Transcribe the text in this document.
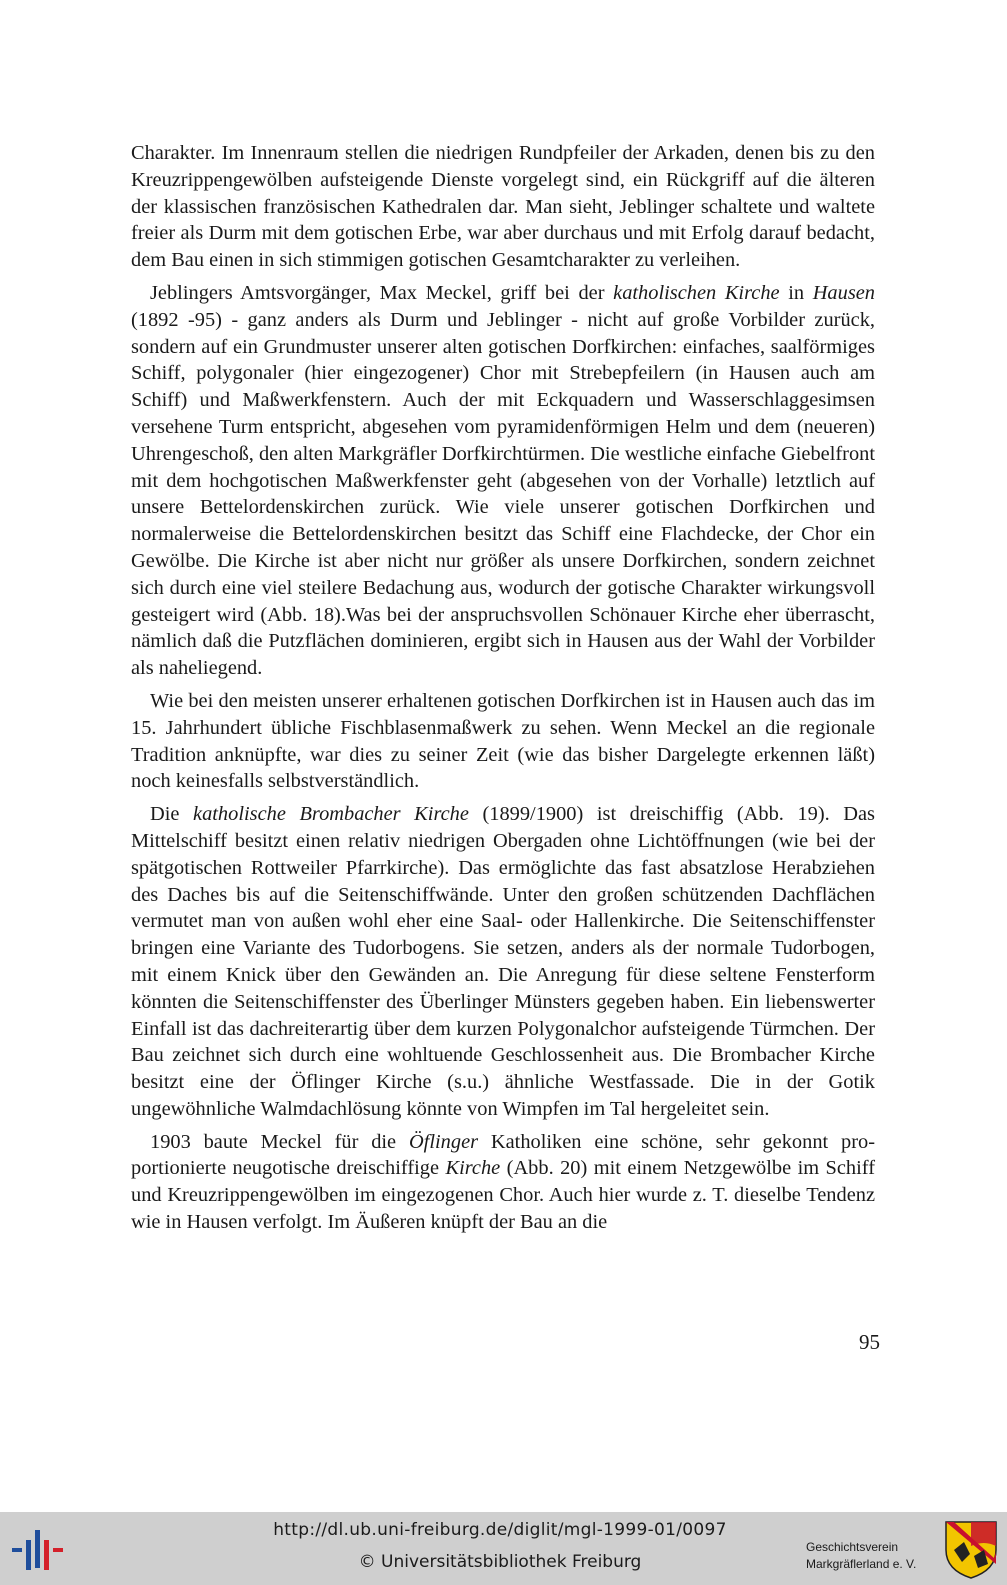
Charakter. Im Innenraum stellen die niedrigen Rundpfeiler der Arkaden, denen bis zu den Kreuzrippengewölben aufsteigende Dienste vorgelegt sind, ein Rückgriff auf die älteren der klassischen französischen Kathedralen dar. Man sieht, Jeblinger schaltete und waltete freier als Durm mit dem gotischen Erbe, war aber durchaus und mit Erfolg darauf bedacht, dem Bau einen in sich stimmigen gotischen Gesamtcharakter zu verleihen.

Jeblingers Amtsvorgänger, Max Meckel, griff bei der katholischen Kirche in Hausen (1892 -95) - ganz anders als Durm und Jeblinger - nicht auf große Vorbilder zurück, sondern auf ein Grundmuster unserer alten gotischen Dorfkirchen: einfaches, saalförmiges Schiff, polygonaler (hier eingezogener) Chor mit Strebepfeilern (in Hausen auch am Schiff) und Maßwerkfenstern. Auch der mit Eckquadern und Wasserschlaggesimsen versehene Turm entspricht, abgesehen vom pyramidenförmigen Helm und dem (neueren) Uhrengeschoß, den alten Markgräfler Dorfkirchtürmen. Die westliche einfache Giebelfront mit dem hochgotischen Maßwerkfenster geht (abgesehen von der Vorhalle) letztlich auf unsere Bettelordenskirchen zurück. Wie viele unserer gotischen Dorfkirchen und normalerweise die Bettelordenskirchen besitzt das Schiff eine Flachdecke, der Chor ein Gewölbe. Die Kirche ist aber nicht nur größer als unsere Dorfkirchen, sondern zeichnet sich durch eine viel steilere Bedachung aus, wodurch der gotische Charakter wirkungsvoll gesteigert wird (Abb. 18).Was bei der anspruchsvollen Schönauer Kirche eher überrascht, nämlich daß die Putzflächen dominieren, ergibt sich in Hausen aus der Wahl der Vorbilder als naheliegend.

Wie bei den meisten unserer erhaltenen gotischen Dorfkirchen ist in Hausen auch das im 15. Jahrhundert übliche Fischblasenmaßwerk zu sehen. Wenn Meckel an die regionale Tradition anknüpfte, war dies zu seiner Zeit (wie das bisher Dargelegte erkennen läßt) noch keinesfalls selbstverständlich.

Die katholische Brombacher Kirche (1899/1900) ist dreischiffig (Abb. 19). Das Mittelschiff besitzt einen relativ niedrigen Obergaden ohne Lichtöffnungen (wie bei der spätgotischen Rottweiler Pfarrkirche). Das ermöglichte das fast absatzlose Herabziehen des Daches bis auf die Seitenschiffwände. Unter den großen schützenden Dachflächen vermutet man von außen wohl eher eine Saal- oder Hallenkirche. Die Seitenschiffenster bringen eine Variante des Tudorbogens. Sie setzen, anders als der normale Tudorbogen, mit einem Knick über den Gewänden an. Die Anregung für diese seltene Fensterform könnten die Seitenschiffenster des Überlinger Münsters gegeben haben. Ein liebenswerter Einfall ist das dachreiterartig über dem kurzen Polygonalchor aufsteigende Türmchen. Der Bau zeichnet sich durch eine wohltuende Geschlossenheit aus. Die Brombacher Kirche besitzt eine der Öflinger Kirche (s.u.) ähnliche Westfassade. Die in der Gotik ungewöhnliche Walmdachlösung könnte von Wimpfen im Tal hergeleitet sein.

1903 baute Meckel für die Öflinger Katholiken eine schöne, sehr gekonnt proportionierte neugotische dreischiffige Kirche (Abb. 20) mit einem Netzgewölbe im Schiff und Kreuzrippengewölben im eingezogenen Chor. Auch hier wurde z. T. dieselbe Tendenz wie in Hausen verfolgt. Im Äußeren knüpft der Bau an die

95
http://dl.ub.uni-freiburg.de/diglit/mgl-1999-01/0097
© Universitätsbibliothek Freiburg
Geschichtsverein
Markgräflerland e. V.
